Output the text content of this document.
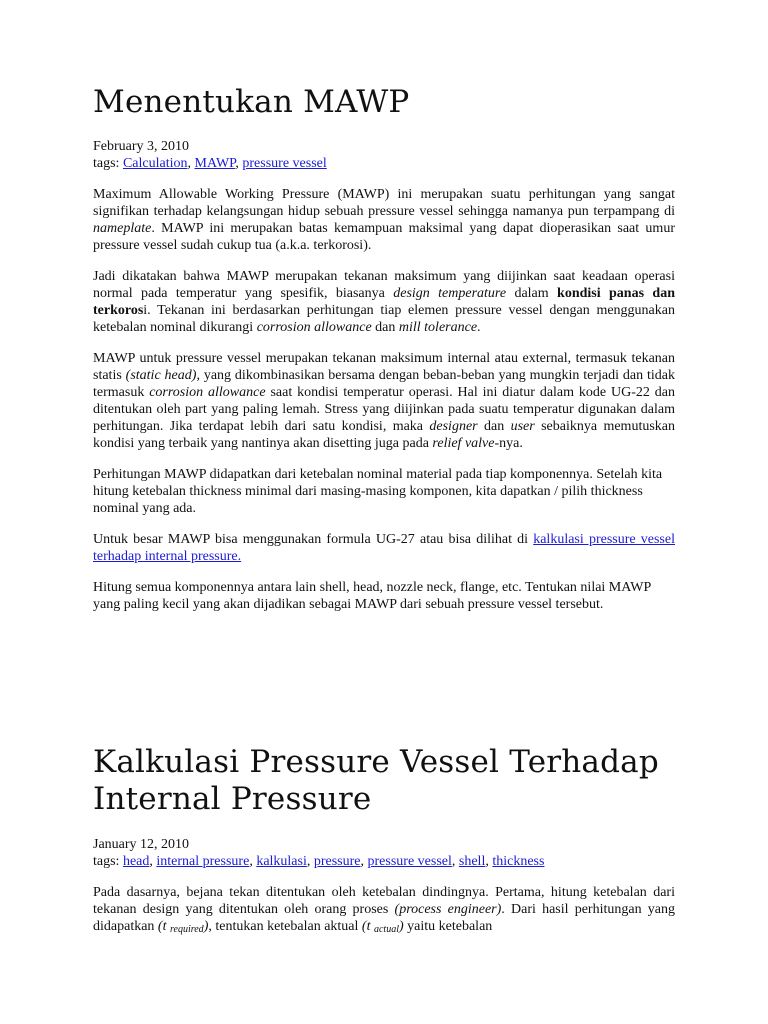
Menentukan MAWP
February 3, 2010
tags: Calculation, MAWP, pressure vessel

Maximum Allowable Working Pressure (MAWP) ini merupakan suatu perhitungan yang sangat signifikan terhadap kelangsungan hidup sebuah pressure vessel sehingga namanya pun terpampang di nameplate. MAWP ini merupakan batas kemampuan maksimal yang dapat dioperasikan saat umur pressure vessel sudah cukup tua (a.k.a. terkorosi).

Jadi dikatakan bahwa MAWP merupakan tekanan maksimum yang diijinkan saat keadaan operasi normal pada temperatur yang spesifik, biasanya design temperature dalam kondisi panas dan terkorosi. Tekanan ini berdasarkan perhitungan tiap elemen pressure vessel dengan menggunakan ketebalan nominal dikurangi corrosion allowance dan mill tolerance.

MAWP untuk pressure vessel merupakan tekanan maksimum internal atau external, termasuk tekanan statis (static head), yang dikombinasikan bersama dengan beban-beban yang mungkin terjadi dan tidak termasuk corrosion allowance saat kondisi temperatur operasi. Hal ini diatur dalam kode UG-22 dan ditentukan oleh part yang paling lemah. Stress yang diijinkan pada suatu temperatur digunakan dalam perhitungan. Jika terdapat lebih dari satu kondisi, maka designer dan user sebaiknya memutuskan kondisi yang terbaik yang nantinya akan disetting juga pada relief valve-nya.

Perhitungan MAWP didapatkan dari ketebalan nominal material pada tiap komponennya. Setelah kita hitung ketebalan thickness minimal dari masing-masing komponen, kita dapatkan / pilih thickness nominal yang ada.

Untuk besar MAWP bisa menggunakan formula UG-27 atau bisa dilihat di kalkulasi pressure vessel terhadap internal pressure.

Hitung semua komponennya antara lain shell, head, nozzle neck, flange, etc. Tentukan nilai MAWP yang paling kecil yang akan dijadikan sebagai MAWP dari sebuah pressure vessel tersebut.

Kalkulasi Pressure Vessel Terhadap Internal Pressure
January 12, 2010
tags: head, internal pressure, kalkulasi, pressure, pressure vessel, shell, thickness

Pada dasarnya, bejana tekan ditentukan oleh ketebalan dindingnya. Pertama, hitung ketebalan dari tekanan design yang ditentukan oleh orang proses (process engineer). Dari hasil perhitungan yang didapatkan (t $_{required}$), tentukan ketebalan aktual (t $_{actual}$) yaitu ketebalan
